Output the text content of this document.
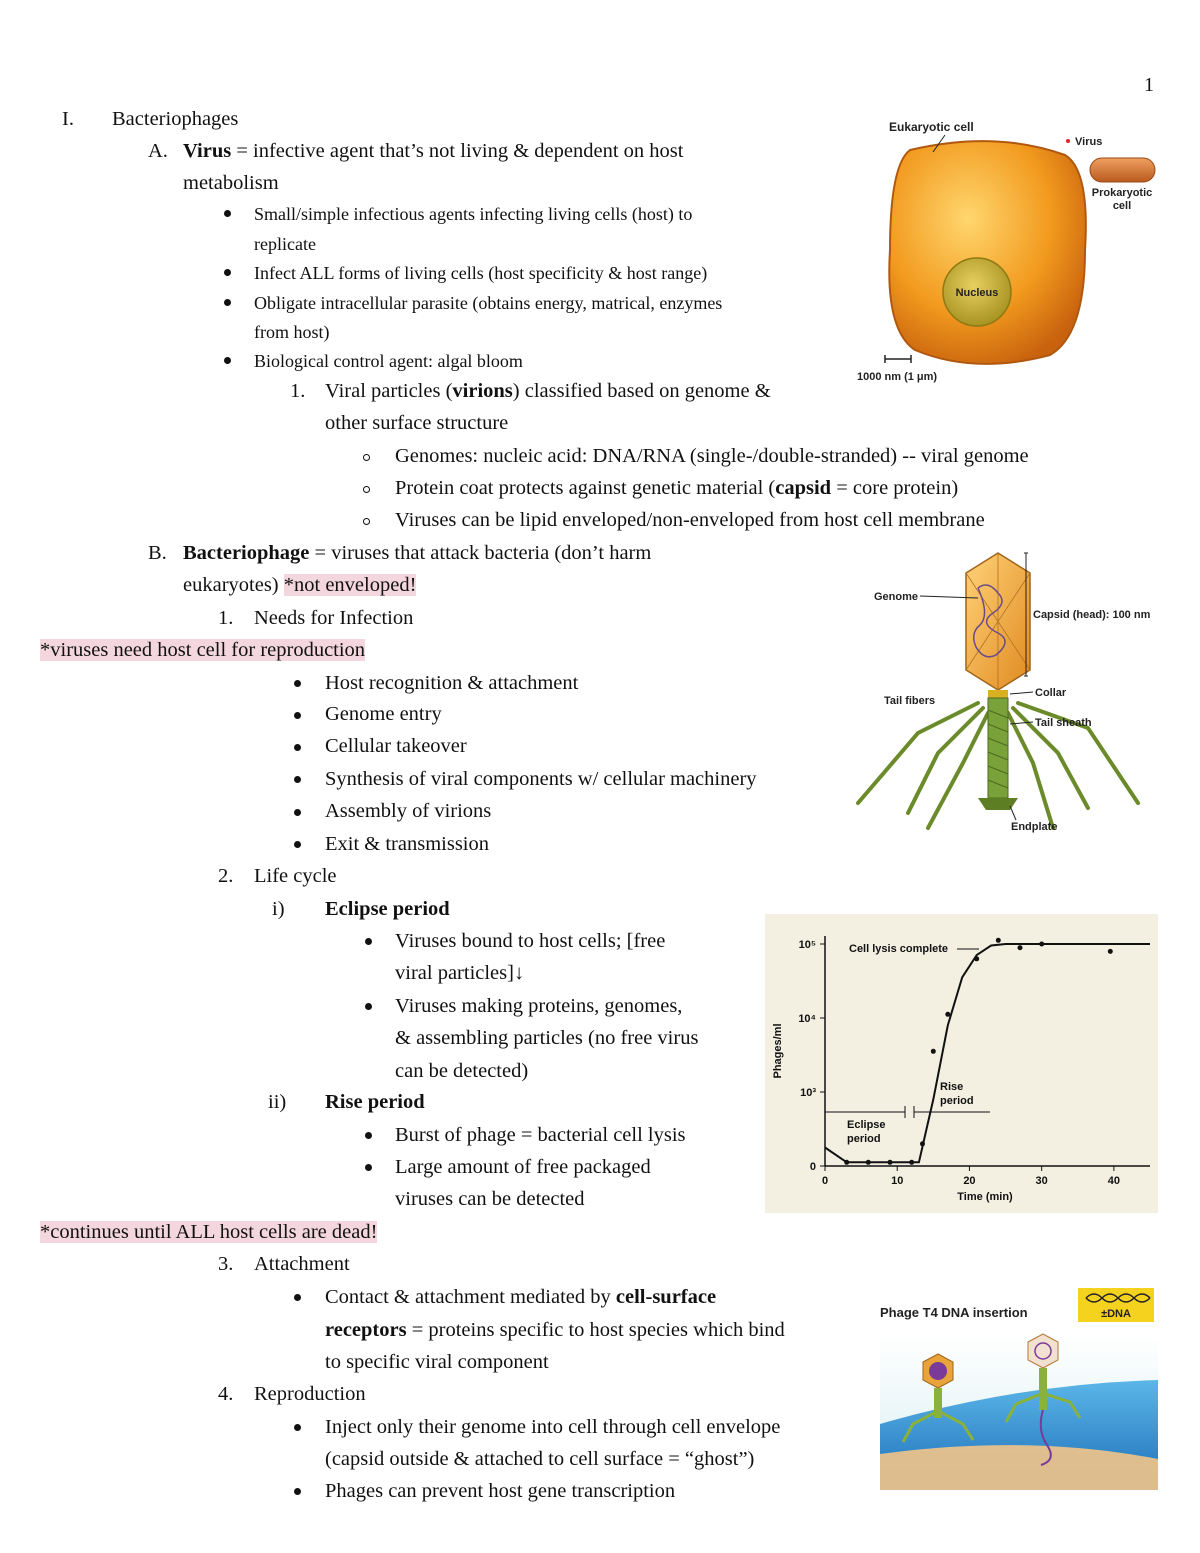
1
I. Bacteriophages
A. Virus = infective agent that’s not living & dependent on host
metabolism
Small/simple infectious agents infecting living cells (host) to
replicate
Infect ALL forms of living cells (host specificity & host range)
Obligate intracellular parasite (obtains energy, matrical, enzymes
from host)
Biological control agent: algal bloom
1. Viral particles (virions) classified based on genome &
other surface structure
Genomes: nucleic acid: DNA/RNA (single-/double-stranded) -- viral genome
Protein coat protects against genetic material (capsid = core protein)
Viruses can be lipid enveloped/non-enveloped from host cell membrane
B. Bacteriophage = viruses that attack bacteria (don’t harm
eukaryotes) *not enveloped!
1. Needs for Infection
*viruses need host cell for reproduction
Host recognition & attachment
Genome entry
Cellular takeover
Synthesis of viral components w/ cellular machinery
Assembly of virions
Exit & transmission
2. Life cycle
i) Eclipse period
Viruses bound to host cells; [free
viral particles]↓
Viruses making proteins, genomes,
& assembling particles (no free virus
can be detected)
ii) Rise period
Burst of phage = bacterial cell lysis
Large amount of free packaged
viruses can be detected
*continues until ALL host cells are dead!
3. Attachment
Contact & attachment mediated by cell-surface
receptors = proteins specific to host species which bind
to specific viral component
4. Reproduction
Inject only their genome into cell through cell envelope
(capsid outside & attached to cell surface = “ghost”)
Phages can prevent host gene transcription
Nucleus
Eukaryotic cell
Virus
Prokaryotic
cell
1000 nm (1 μm)
Genome
Capsid (head): 100 nm
Collar
Tail fibers
Tail sheath
Endplate
0	10	20	30	40
0
10³
10⁴
10⁵
Phages/ml
Time (min)
Cell lysis complete
Eclipse
period
Rise
period
Phage T4 DNA insertion	±DNA
